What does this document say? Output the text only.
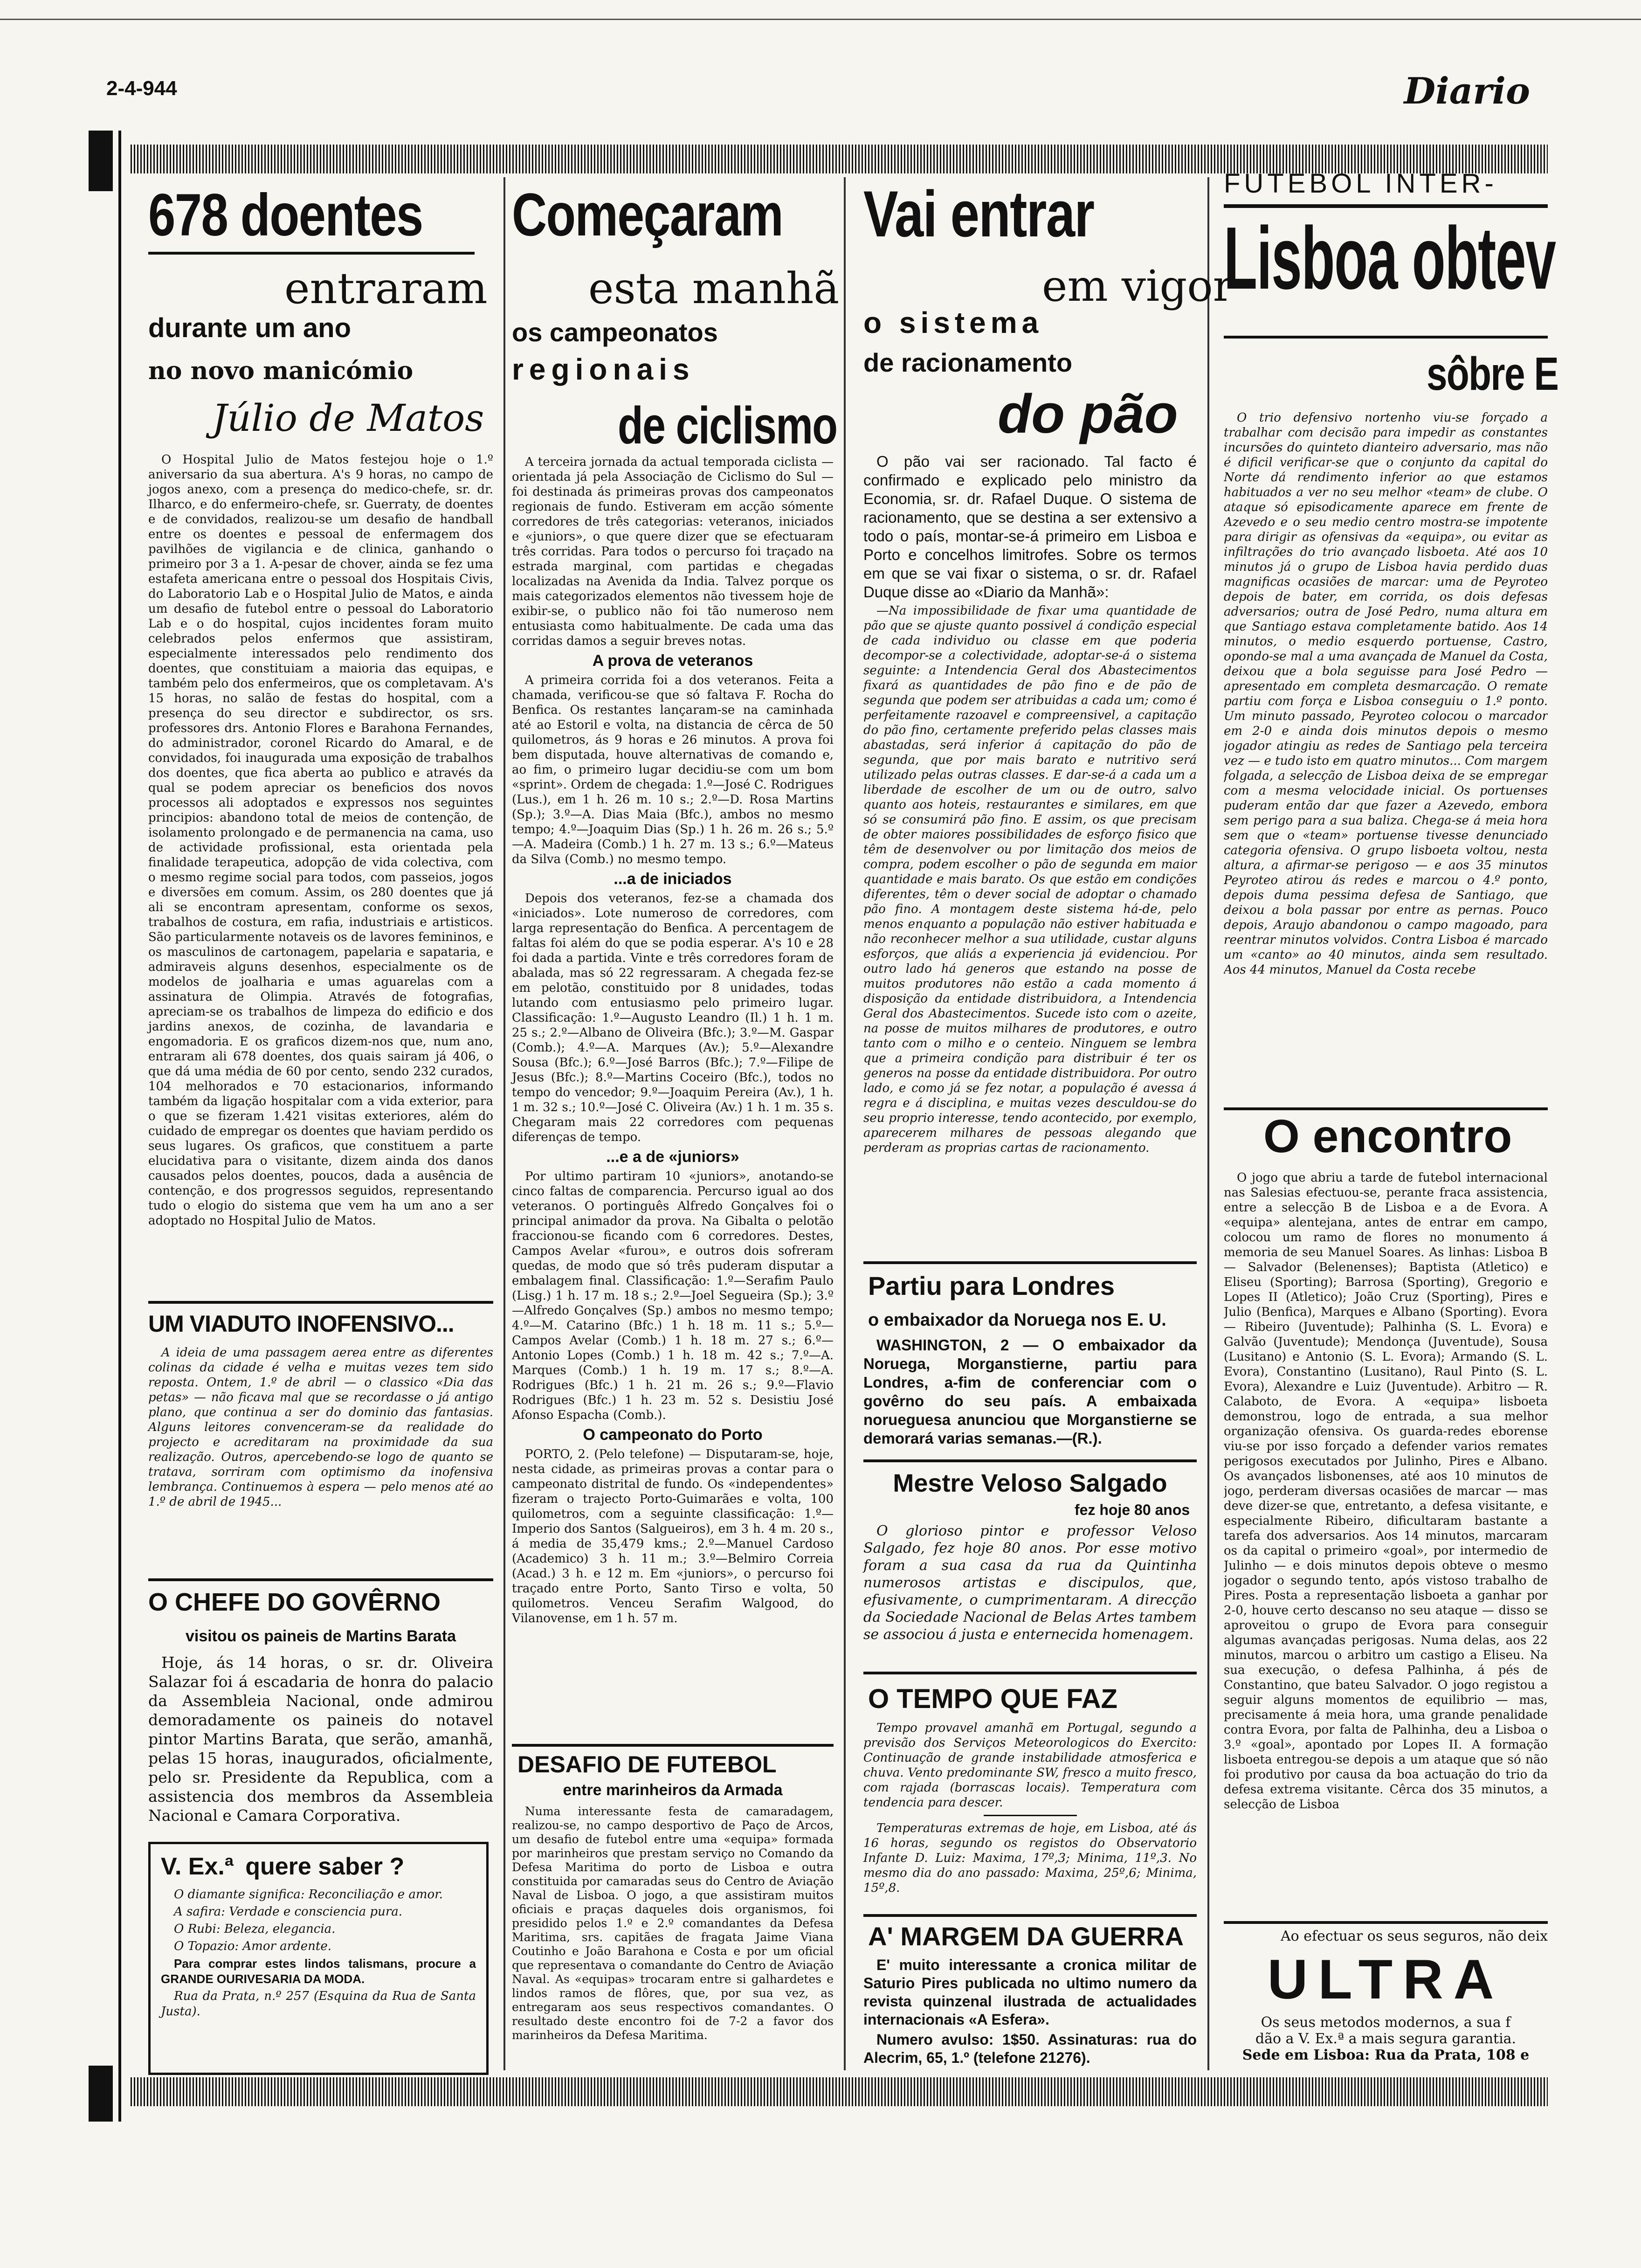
2-4-944	Diario
678 doentes
entraram
durante um ano
no novo manicómio
Júlio de Matos

O Hospital Julio de Matos festejou hoje o 1.º aniversario da sua abertura. A's 9 horas, no campo de jogos anexo, com a presença do medico-chefe, sr. dr. Ilharco, e do enfermeiro-chefe, sr. Guerraty, de doentes e de convidados, realizou-se um desafio de handball entre os doentes e pessoal de enfermagem dos pavilhões de vigilancia e de clinica, ganhando o primeiro por 3 a 1. A-pesar de chover, ainda se fez uma estafeta americana entre o pessoal dos Hospitais Civis, do Laboratorio Lab e o Hospital Julio de Matos, e ainda um desafio de futebol entre o pessoal do Laboratorio Lab e o do hospital, cujos incidentes foram muito celebrados pelos enfermos que assistiram, especialmente interessados pelo rendimento dos doentes, que constituiam a maioria das equipas, e também pelo dos enfermeiros, que os completavam. A's 15 horas, no salão de festas do hospital, com a presença do seu director e subdirector, os srs. professores drs. Antonio Flores e Barahona Fernandes, do administrador, coronel Ricardo do Amaral, e de convidados, foi inaugurada uma exposição de trabalhos dos doentes, que fica aberta ao publico e através da qual se podem apreciar os beneficios dos novos processos ali adoptados e expressos nos seguintes principios: abandono total de meios de contenção, de isolamento prolongado e de permanencia na cama, uso de actividade profissional, esta orientada pela finalidade terapeutica, adopção de vida colectiva, com o mesmo regime social para todos, com passeios, jogos e diversões em comum. Assim, os 280 doentes que já ali se encontram apresentam, conforme os sexos, trabalhos de costura, em rafia, industriais e artisticos. São particularmente notaveis os de lavores femininos, e os masculinos de cartonagem, papelaria e sapataria, e admiraveis alguns desenhos, especialmente os de modelos de joalharia e umas aguarelas com a assinatura de Olimpia. Através de fotografias, apreciam-se os trabalhos de limpeza do edificio e dos jardins anexos, de cozinha, de lavandaria e engomadoria. E os graficos dizem-nos que, num ano, entraram ali 678 doentes, dos quais sairam já 406, o que dá uma média de 60 por cento, sendo 232 curados, 104 melhorados e 70 estacionarios, informando também da ligação hospitalar com a vida exterior, para o que se fizeram 1.421 visitas exteriores, além do cuidado de empregar os doentes que haviam perdido os seus lugares. Os graficos, que constituem a parte elucidativa para o visitante, dizem ainda dos danos causados pelos doentes, poucos, dada a ausência de contenção, e dos progressos seguidos, representando tudo o elogio do sistema que vem ha um ano a ser adoptado no Hospital Julio de Matos.

UM VIADUTO INOFENSIVO...

A ideia de uma passagem aerea entre as diferentes colinas da cidade é velha e muitas vezes tem sido reposta. Ontem, 1.º de abril — o classico «Dia das petas» — não ficava mal que se recordasse o já antigo plano, que continua a ser do dominio das fantasias. Alguns leitores convenceram-se da realidade do projecto e acreditaram na proximidade da sua realização. Outros, apercebendo-se logo de quanto se tratava, sorriram com optimismo da inofensiva lembrança. Continuemos à espera — pelo menos até ao 1.º de abril de 1945...

O CHEFE DO GOVÊRNO
visitou os paineis de Martins Barata

Hoje, ás 14 horas, o sr. dr. Oliveira Salazar foi á escadaria de honra do palacio da Assembleia Nacional, onde admirou demoradamente os paineis do notavel pintor Martins Barata, que serão, amanhã, pelas 15 horas, inaugurados, oficialmente, pelo sr. Presidente da Republica, com a assistencia dos membros da Assembleia Nacional e Camara Corporativa.

V. Ex.ª quere saber ?

O diamante significa: Reconciliação e amor.

A safira: Verdade e consciencia pura.

O Rubi: Beleza, elegancia.

O Topazio: Amor ardente.

Para comprar estes lindos talismans, procure a GRANDE OURIVESARIA DA MODA.

Rua da Prata, n.º 257 (Esquina da Rua de Santa Justa).

Começaram
esta manhã
os campeonatos
regionais
de ciclismo

A terceira jornada da actual temporada ciclista — orientada já pela Associação de Ciclismo do Sul — foi destinada ás primeiras provas dos campeonatos regionais de fundo. Estiveram em acção sómente corredores de três categorias: veteranos, iniciados e «juniors», o que quere dizer que se efectuaram três corridas. Para todos o percurso foi traçado na estrada marginal, com partidas e chegadas localizadas na Avenida da India. Talvez porque os mais categorizados elementos não tivessem hoje de exibir-se, o publico não foi tão numeroso nem entusiasta como habitualmente. De cada uma das corridas damos a seguir breves notas.

A prova de veteranos

A primeira corrida foi a dos veteranos. Feita a chamada, verificou-se que só faltava F. Rocha do Benfica. Os restantes lançaram-se na caminhada até ao Estoril e volta, na distancia de cêrca de 50 quilometros, ás 9 horas e 26 minutos. A prova foi bem disputada, houve alternativas de comando e, ao fim, o primeiro lugar decidiu-se com um bom «sprint». Ordem de chegada: 1.º—José C. Rodrigues (Lus.), em 1 h. 26 m. 10 s.; 2.º—D. Rosa Martins (Sp.); 3.º—A. Dias Maia (Bfc.), ambos no mesmo tempo; 4.º—Joaquim Dias (Sp.) 1 h. 26 m. 26 s.; 5.º—A. Madeira (Comb.) 1 h. 27 m. 13 s.; 6.º—Mateus da Silva (Comb.) no mesmo tempo.

...a de iniciados

Depois dos veteranos, fez-se a chamada dos «iniciados». Lote numeroso de corredores, com larga representação do Benfica. A percentagem de faltas foi além do que se podia esperar. A's 10 e 28 foi dada a partida. Vinte e três corredores foram de abalada, mas só 22 regressaram. A chegada fez-se em pelotão, constituido por 8 unidades, todas lutando com entusiasmo pelo primeiro lugar. Classificação: 1.º—Augusto Leandro (Il.) 1 h. 1 m. 25 s.; 2.º—Albano de Oliveira (Bfc.); 3.º—M. Gaspar (Comb.); 4.º—A. Marques (Av.); 5.º—Alexandre Sousa (Bfc.); 6.º—José Barros (Bfc.); 7.º—Filipe de Jesus (Bfc.); 8.º—Martins Coceiro (Bfc.), todos no tempo do vencedor; 9.º—Joaquim Pereira (Av.), 1 h. 1 m. 32 s.; 10.º—José C. Oliveira (Av.) 1 h. 1 m. 35 s. Chegaram mais 22 corredores com pequenas diferenças de tempo.

...e a de «juniors»

Por ultimo partiram 10 «juniors», anotando-se cinco faltas de comparencia. Percurso igual ao dos veteranos. O portinguês Alfredo Gonçalves foi o principal animador da prova. Na Gibalta o pelotão fraccionou-se ficando com 6 corredores. Destes, Campos Avelar «furou», e outros dois sofreram quedas, de modo que só três puderam disputar a embalagem final. Classificação: 1.º—Serafim Paulo (Lisg.) 1 h. 17 m. 18 s.; 2.º—Joel Segueira (Sp.); 3.º—Alfredo Gonçalves (Sp.) ambos no mesmo tempo; 4.º—M. Catarino (Bfc.) 1 h. 18 m. 11 s.; 5.º—Campos Avelar (Comb.) 1 h. 18 m. 27 s.; 6.º—Antonio Lopes (Comb.) 1 h. 18 m. 42 s.; 7.º—A. Marques (Comb.) 1 h. 19 m. 17 s.; 8.º—A. Rodrigues (Bfc.) 1 h. 21 m. 26 s.; 9.º—Flavio Rodrigues (Bfc.) 1 h. 23 m. 52 s. Desistiu José Afonso Espacha (Comb.).

O campeonato do Porto

PORTO, 2. (Pelo telefone) — Disputaram-se, hoje, nesta cidade, as primeiras provas a contar para o campeonato distrital de fundo. Os «independentes» fizeram o trajecto Porto-Guimarães e volta, 100 quilometros, com a seguinte classificação: 1.º—Imperio dos Santos (Salgueiros), em 3 h. 4 m. 20 s., á media de 35,479 kms.; 2.º—Manuel Cardoso (Academico) 3 h. 11 m.; 3.º—Belmiro Correia (Acad.) 3 h. e 12 m. Em «juniors», o percurso foi traçado entre Porto, Santo Tirso e volta, 50 quilometros. Venceu Serafim Walgood, do Vilanovense, em 1 h. 57 m.

DESAFIO DE FUTEBOL
entre marinheiros da Armada

Numa interessante festa de camaradagem, realizou-se, no campo desportivo de Paço de Arcos, um desafio de futebol entre uma «equipa» formada por marinheiros que prestam serviço no Comando da Defesa Maritima do porto de Lisboa e outra constituida por camaradas seus do Centro de Aviação Naval de Lisboa. O jogo, a que assistiram muitos oficiais e praças daqueles dois organismos, foi presidido pelos 1.º e 2.º comandantes da Defesa Maritima, srs. capitães de fragata Jaime Viana Coutinho e João Barahona e Costa e por um oficial que representava o comandante do Centro de Aviação Naval. As «equipas» trocaram entre si galhardetes e lindos ramos de flôres, que, por sua vez, as entregaram aos seus respectivos comandantes. O resultado deste encontro foi de 7-2 a favor dos marinheiros da Defesa Maritima.

Vai entrar
em vigor
o sistema
de racionamento
do pão

O pão vai ser racionado. Tal facto é confirmado e explicado pelo ministro da Economia, sr. dr. Rafael Duque. O sistema de racionamento, que se destina a ser extensivo a todo o país, montar-se-á primeiro em Lisboa e Porto e concelhos limitrofes. Sobre os termos em que se vai fixar o sistema, o sr. dr. Rafael Duque disse ao «Diario da Manhã»:

—Na impossibilidade de fixar uma quantidade de pão que se ajuste quanto possivel á condição especial de cada individuo ou classe em que poderia decompor-se a colectividade, adoptar-se-á o sistema seguinte: a Intendencia Geral dos Abastecimentos fixará as quantidades de pão fino e de pão de segunda que podem ser atribuidas a cada um; como é perfeitamente razoavel e compreensivel, a capitação do pão fino, certamente preferido pelas classes mais abastadas, será inferior á capitação do pão de segunda, que por mais barato e nutritivo será utilizado pelas outras classes. E dar-se-á a cada um a liberdade de escolher de um ou de outro, salvo quanto aos hoteis, restaurantes e similares, em que só se consumirá pão fino. E assim, os que precisam de obter maiores possibilidades de esforço fisico que têm de desenvolver ou por limitação dos meios de compra, podem escolher o pão de segunda em maior quantidade e mais barato. Os que estão em condições diferentes, têm o dever social de adoptar o chamado pão fino. A montagem deste sistema há-de, pelo menos enquanto a população não estiver habituada e não reconhecer melhor a sua utilidade, custar alguns esforços, que aliás a experiencia já evidenciou. Por outro lado há generos que estando na posse de muitos produtores não estão a cada momento á disposição da entidade distribuidora, a Intendencia Geral dos Abastecimentos. Sucede isto com o azeite, na posse de muitos milhares de produtores, e outro tanto com o milho e o centeio. Ninguem se lembra que a primeira condição para distribuir é ter os generos na posse da entidade distribuidora. Por outro lado, e como já se fez notar, a população é avessa á regra e á disciplina, e muitas vezes desculdou-se do seu proprio interesse, tendo acontecido, por exemplo, aparecerem milhares de pessoas alegando que perderam as proprias cartas de racionamento.

Partiu para Londres
o embaixador da Noruega nos E. U.

WASHINGTON, 2 — O embaixador da Noruega, Morganstierne, partiu para Londres, a-fim de conferenciar com o govêrno do seu país. A embaixada norueguesa anunciou que Morganstierne se demorará varias semanas.—(R.).

Mestre Veloso Salgado
fez hoje 80 anos

O glorioso pintor e professor Veloso Salgado, fez hoje 80 anos. Por esse motivo foram a sua casa da rua da Quintinha numerosos artistas e discipulos, que, efusivamente, o cumprimentaram. A direcção da Sociedade Nacional de Belas Artes tambem se associou á justa e enternecida homenagem.

O TEMPO QUE FAZ

Tempo provavel amanhã em Portugal, segundo a previsão dos Serviços Meteorologicos do Exercito: Continuação de grande instabilidade atmosferica e chuva. Vento predominante SW, fresco a muito fresco, com rajada (borrascas locais). Temperatura com tendencia para descer.

Temperaturas extremas de hoje, em Lisboa, até ás 16 horas, segundo os registos do Observatorio Infante D. Luiz: Maxima, 17º,3; Minima, 11º,3. No mesmo dia do ano passado: Maxima, 25º,6; Minima, 15º,8.

A' MARGEM DA GUERRA

E' muito interessante a cronica militar de Saturio Pires publicada no ultimo numero da revista quinzenal ilustrada de actualidades internacionais «A Esfera».

Numero avulso: 1$50. Assinaturas: rua do Alecrim, 65, 1.º (telefone 21276).

FUTEBOL INTER-
Lisboa obtev
sôbre E

O trio defensivo nortenho viu-se forçado a trabalhar com decisão para impedir as constantes incursões do quinteto dianteiro adversario, mas não é dificil verificar-se que o conjunto da capital do Norte dá rendimento inferior ao que estamos habituados a ver no seu melhor «team» de clube. O ataque só episodicamente aparece em frente de Azevedo e o seu medio centro mostra-se impotente para dirigir as ofensivas da «equipa», ou evitar as infiltrações do trio avançado lisboeta. Até aos 10 minutos já o grupo de Lisboa havia perdido duas magnificas ocasiões de marcar: uma de Peyroteo depois de bater, em corrida, os dois defesas adversarios; outra de José Pedro, numa altura em que Santiago estava completamente batido. Aos 14 minutos, o medio esquerdo portuense, Castro, opondo-se mal a uma avançada de Manuel da Costa, deixou que a bola seguisse para José Pedro — apresentado em completa desmarcação. O remate partiu com força e Lisboa conseguiu o 1.º ponto. Um minuto passado, Peyroteo colocou o marcador em 2-0 e ainda dois minutos depois o mesmo jogador atingiu as redes de Santiago pela terceira vez — e tudo isto em quatro minutos... Com margem folgada, a selecção de Lisboa deixa de se empregar com a mesma velocidade inicial. Os portuenses puderam então dar que fazer a Azevedo, embora sem perigo para a sua baliza. Chega-se á meia hora sem que o «team» portuense tivesse denunciado categoria ofensiva. O grupo lisboeta voltou, nesta altura, a afirmar-se perigoso — e aos 35 minutos Peyroteo atirou ás redes e marcou o 4.º ponto, depois duma pessima defesa de Santiago, que deixou a bola passar por entre as pernas. Pouco depois, Araujo abandonou o campo magoado, para reentrar minutos volvidos. Contra Lisboa é marcado um «canto» ao 40 minutos, ainda sem resultado. Aos 44 minutos, Manuel da Costa recebe

O encontro

O jogo que abriu a tarde de futebol internacional nas Salesias efectuou-se, perante fraca assistencia, entre a selecção B de Lisboa e a de Evora. A «equipa» alentejana, antes de entrar em campo, colocou um ramo de flores no monumento á memoria de seu Manuel Soares. As linhas: Lisboa B — Salvador (Belenenses); Baptista (Atletico) e Eliseu (Sporting); Barrosa (Sporting), Gregorio e Lopes II (Atletico); João Cruz (Sporting), Pires e Julio (Benfica), Marques e Albano (Sporting). Evora — Ribeiro (Juventude); Palhinha (S. L. Evora) e Galvão (Juventude); Mendonça (Juventude), Sousa (Lusitano) e Antonio (S. L. Evora); Armando (S. L. Evora), Constantino (Lusitano), Raul Pinto (S. L. Evora), Alexandre e Luiz (Juventude). Arbitro — R. Calaboto, de Evora. A «equipa» lisboeta demonstrou, logo de entrada, a sua melhor organização ofensiva. Os guarda-redes eborense viu-se por isso forçado a defender varios remates perigosos executados por Julinho, Pires e Albano. Os avançados lisbonenses, até aos 10 minutos de jogo, perderam diversas ocasiões de marcar — mas deve dizer-se que, entretanto, a defesa visitante, e especialmente Ribeiro, dificultaram bastante a tarefa dos adversarios. Aos 14 minutos, marcaram os da capital o primeiro «goal», por intermedio de Julinho — e dois minutos depois obteve o mesmo jogador o segundo tento, após vistoso trabalho de Pires. Posta a representação lisboeta a ganhar por 2-0, houve certo descanso no seu ataque — disso se aproveitou o grupo de Evora para conseguir algumas avançadas perigosas. Numa delas, aos 22 minutos, marcou o arbitro um castigo a Eliseu. Na sua execução, o defesa Palhinha, á pés de Constantino, que bateu Salvador. O jogo registou a seguir alguns momentos de equilibrio — mas, precisamente á meia hora, uma grande penalidade contra Evora, por falta de Palhinha, deu a Lisboa o 3.º «goal», apontado por Lopes II. A formação lisboeta entregou-se depois a um ataque que só não foi produtivo por causa da boa actuação do trio da defesa extrema visitante. Cêrca dos 35 minutos, a selecção de Lisboa

Ao efectuar os seus seguros, não deix
ULTRA
Os seus metodos modernos, a sua f
dão a V. Ex.ª a mais segura garantia.
Sede em Lisboa: Rua da Prata, 108 e
